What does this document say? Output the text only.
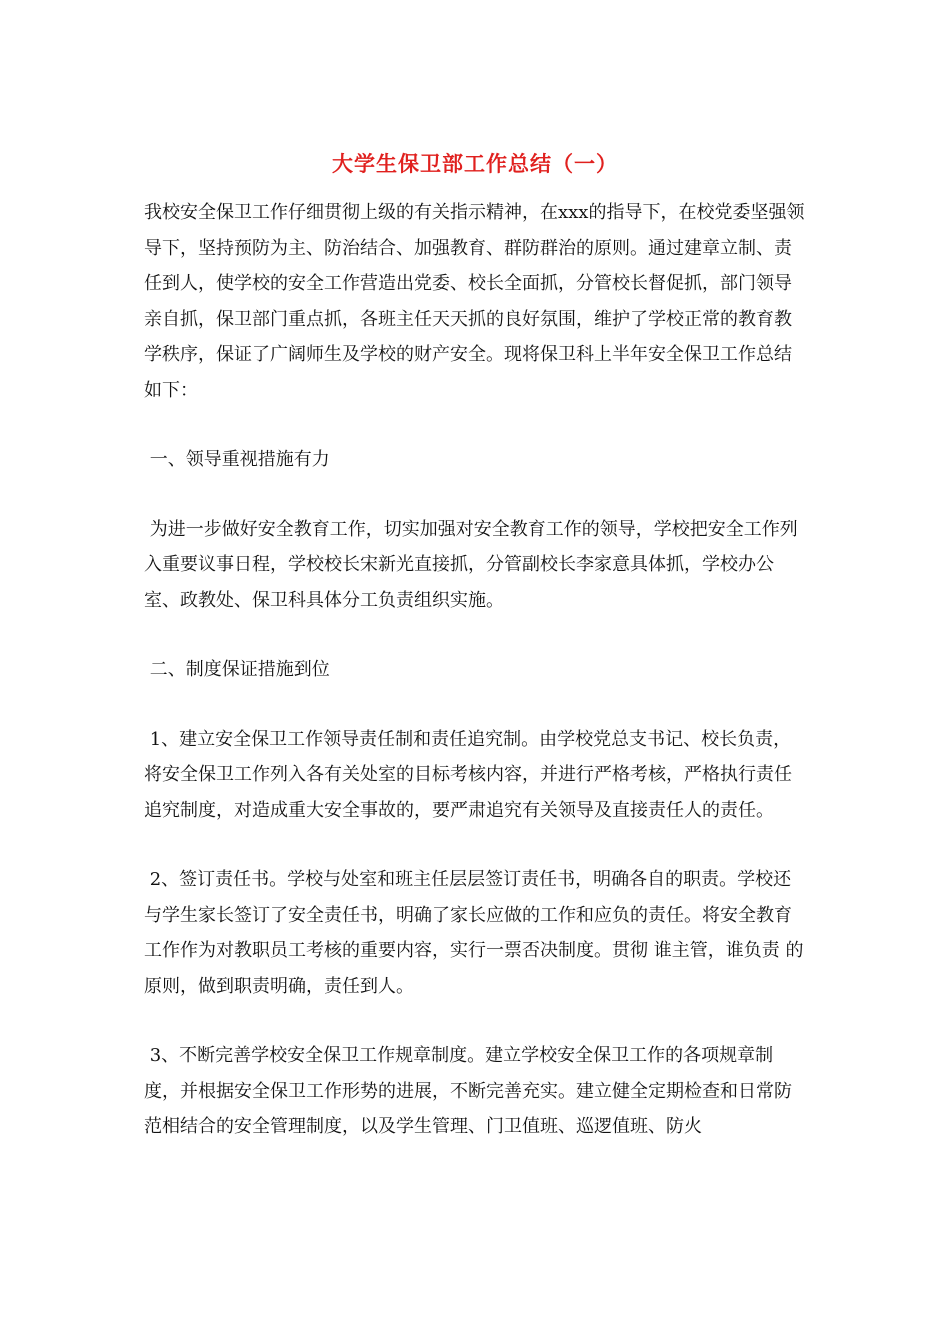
大学生保卫部工作总结（一）

我校安全保卫工作仔细贯彻上级的有关指示精神，在xxx的指导下，在校党委坚强领导下，坚持预防为主、防治结合、加强教育、群防群治的原则。通过建章立制、责任到人，使学校的安全工作营造出党委、校长全面抓，分管校长督促抓，部门领导亲自抓，保卫部门重点抓，各班主任天天抓的良好氛围，维护了学校正常的教育教学秩序，保证了广阔师生及学校的财产安全。现将保卫科上半年安全保卫工作总结如下：

一、领导重视措施有力

为进一步做好安全教育工作，切实加强对安全教育工作的领导，学校把安全工作列入重要议事日程，学校校长宋新光直接抓，分管副校长李家意具体抓，学校办公室、政教处、保卫科具体分工负责组织实施。

二、制度保证措施到位

1、建立安全保卫工作领导责任制和责任追究制。由学校党总支书记、校长负责，将安全保卫工作列入各有关处室的目标考核内容，并进行严格考核，严格执行责任追究制度，对造成重大安全事故的，要严肃追究有关领导及直接责任人的责任。

2、签订责任书。学校与处室和班主任层层签订责任书，明确各自的职责。学校还与学生家长签订了安全责任书，明确了家长应做的工作和应负的责任。将安全教育工作作为对教职员工考核的重要内容，实行一票否决制度。贯彻 谁主管，谁负责 的原则，做到职责明确，责任到人。

3、不断完善学校安全保卫工作规章制度。建立学校安全保卫工作的各项规章制度，并根据安全保卫工作形势的进展，不断完善充实。建立健全定期检查和日常防范相结合的安全管理制度，以及学生管理、门卫值班、巡逻值班、防火
